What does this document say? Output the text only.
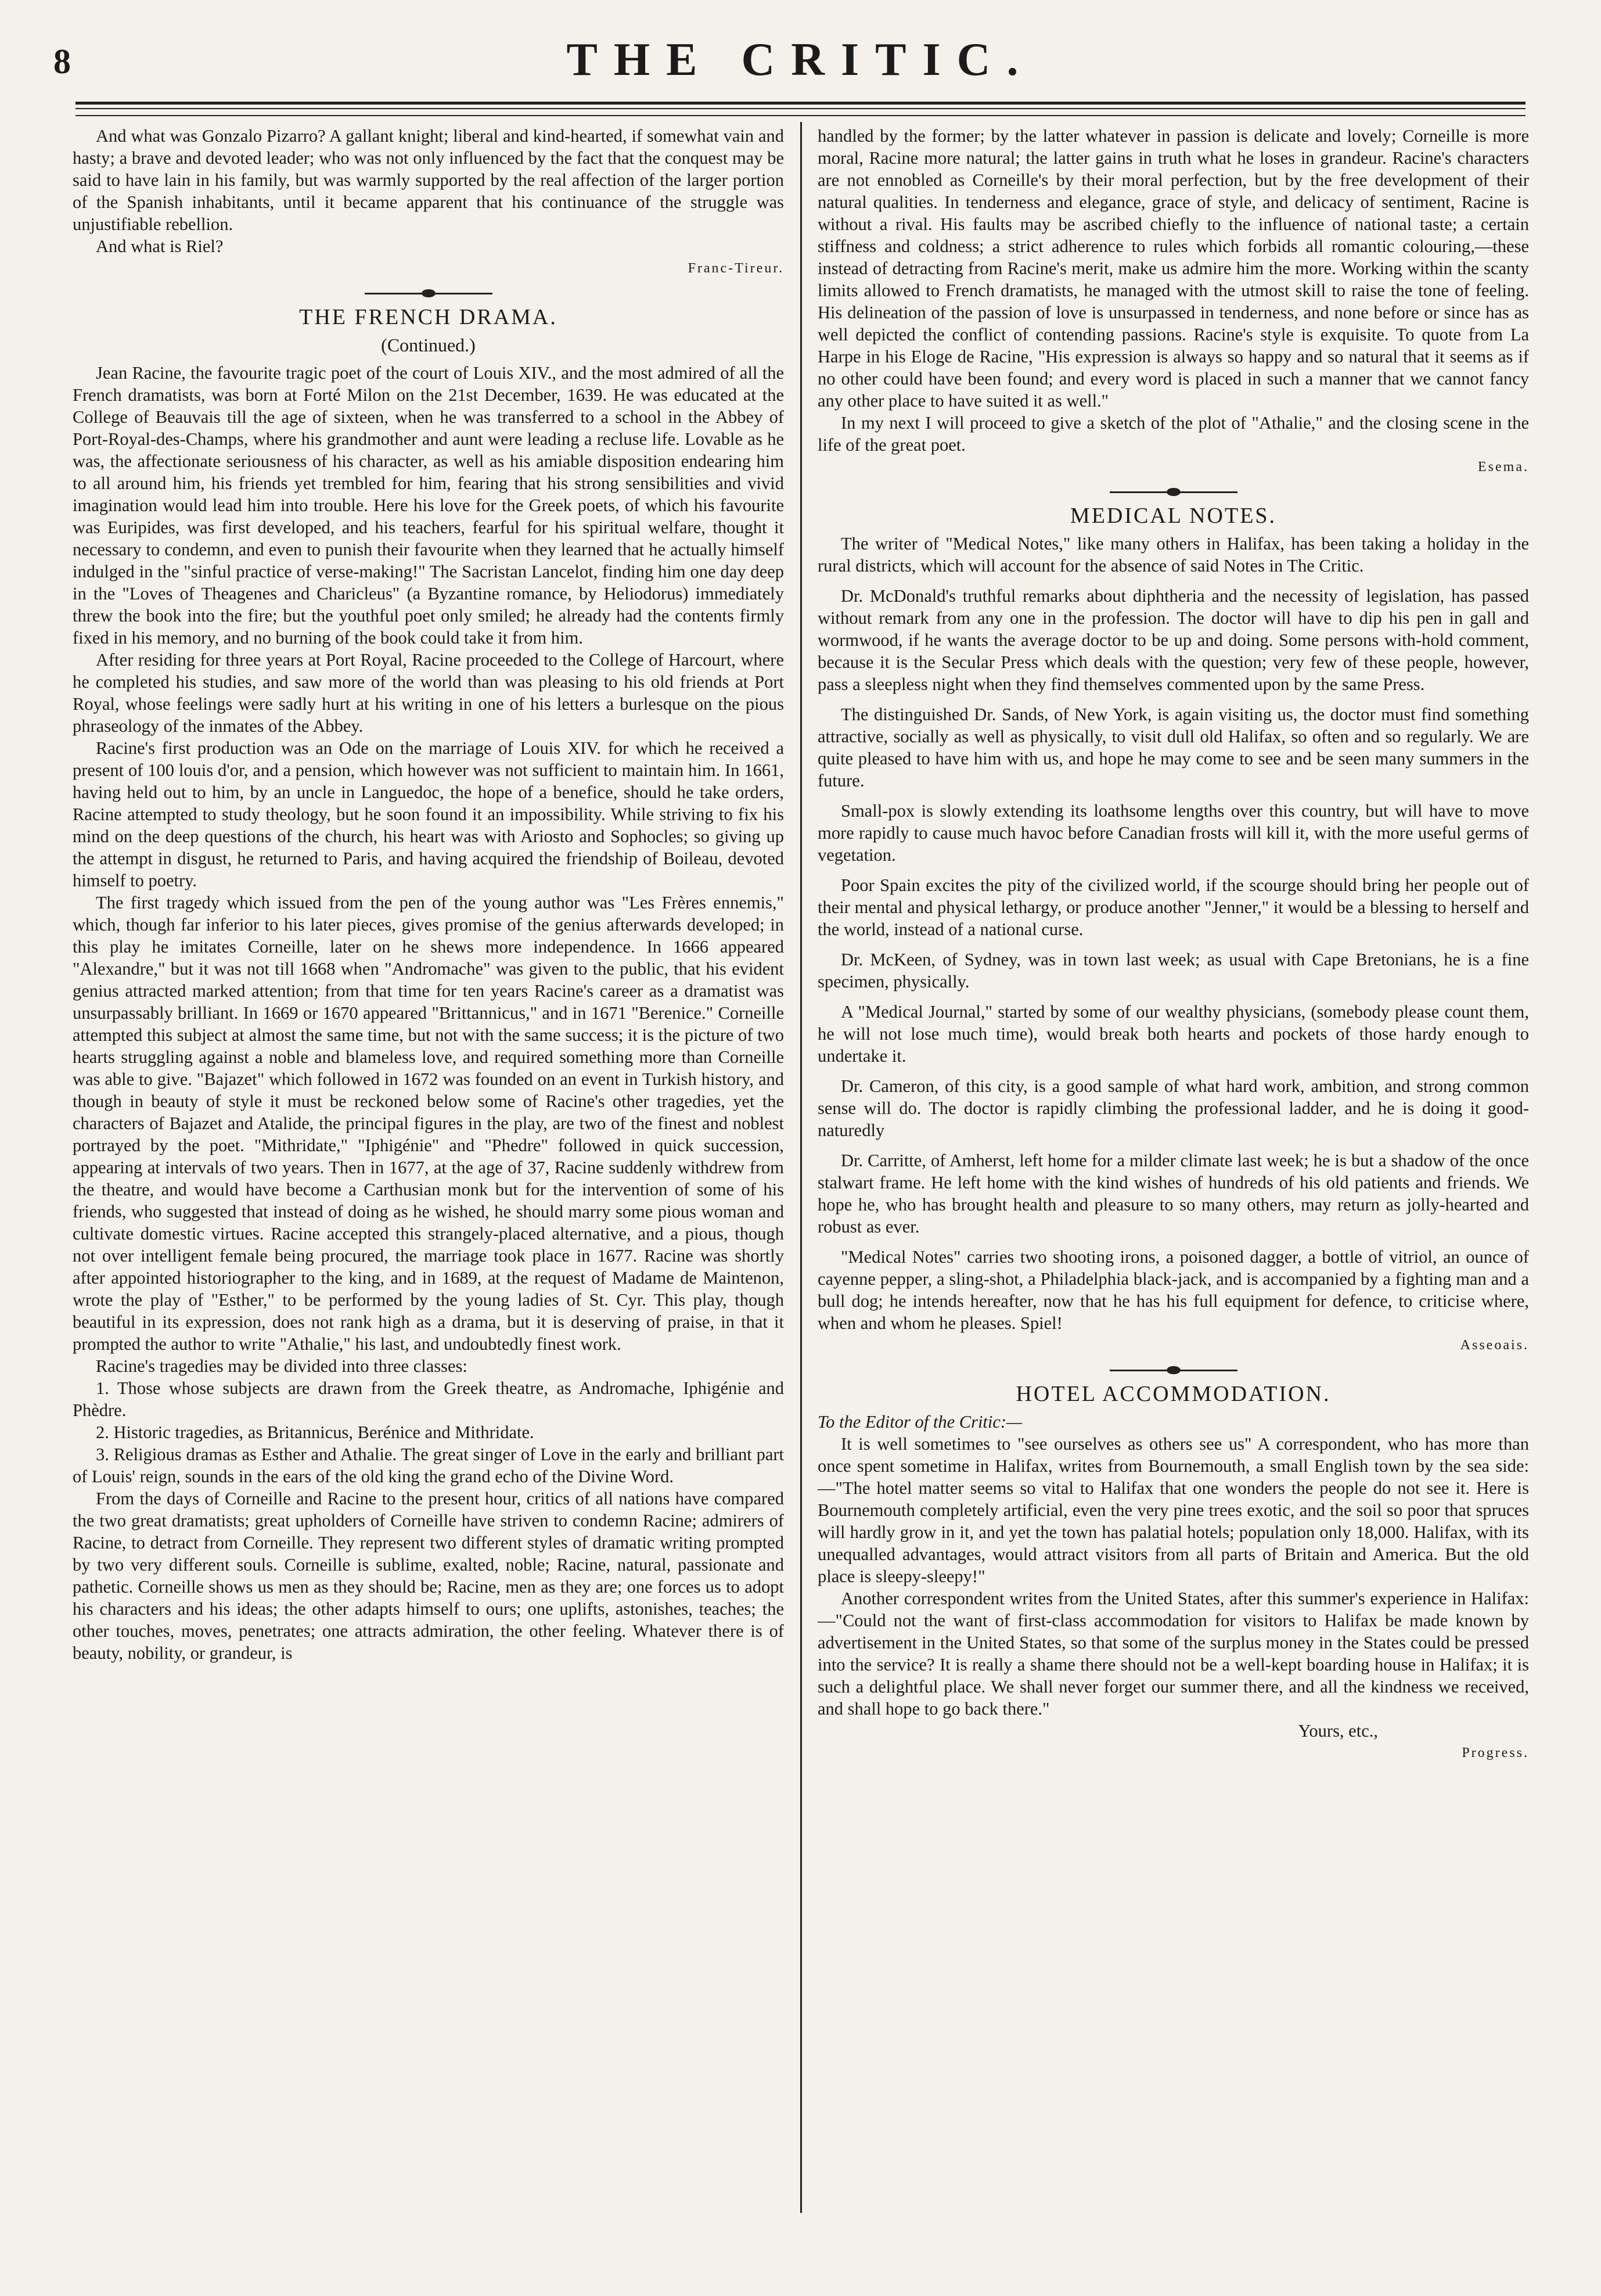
8	THE CRITIC.

And what was Gonzalo Pizarro? A gallant knight; liberal and kind-hearted, if somewhat vain and hasty; a brave and devoted leader; who was not only influenced by the fact that the conquest may be said to have lain in his family, but was warmly supported by the real affection of the larger portion of the Spanish inhabitants, until it became apparent that his continuance of the struggle was unjustifiable rebellion.

And what is Riel?

Franc-Tireur.

THE FRENCH DRAMA.
(Continued.)

Jean Racine, the favourite tragic poet of the court of Louis XIV., and the most admired of all the French dramatists, was born at Forté Milon on the 21st December, 1639. He was educated at the College of Beauvais till the age of sixteen, when he was transferred to a school in the Abbey of Port-Royal-des-Champs, where his grandmother and aunt were leading a recluse life. Lovable as he was, the affectionate seriousness of his character, as well as his amiable disposition endearing him to all around him, his friends yet trembled for him, fearing that his strong sensibilities and vivid imagination would lead him into trouble. Here his love for the Greek poets, of which his favourite was Euripides, was first developed, and his teachers, fearful for his spiritual welfare, thought it necessary to condemn, and even to punish their favourite when they learned that he actually himself indulged in the "sinful practice of verse-making!" The Sacristan Lancelot, finding him one day deep in the "Loves of Theagenes and Charicleus" (a Byzantine romance, by Heliodorus) immediately threw the book into the fire; but the youthful poet only smiled; he already had the contents firmly fixed in his memory, and no burning of the book could take it from him.

After residing for three years at Port Royal, Racine proceeded to the College of Harcourt, where he completed his studies, and saw more of the world than was pleasing to his old friends at Port Royal, whose feelings were sadly hurt at his writing in one of his letters a burlesque on the pious phraseology of the inmates of the Abbey.

Racine's first production was an Ode on the marriage of Louis XIV. for which he received a present of 100 louis d'or, and a pension, which however was not sufficient to maintain him. In 1661, having held out to him, by an uncle in Languedoc, the hope of a benefice, should he take orders, Racine attempted to study theology, but he soon found it an impossibility. While striving to fix his mind on the deep questions of the church, his heart was with Ariosto and Sophocles; so giving up the attempt in disgust, he returned to Paris, and having acquired the friendship of Boileau, devoted himself to poetry.

The first tragedy which issued from the pen of the young author was "Les Frères ennemis," which, though far inferior to his later pieces, gives promise of the genius afterwards developed; in this play he imitates Corneille, later on he shews more independence. In 1666 appeared "Alexandre," but it was not till 1668 when "Andromache" was given to the public, that his evident genius attracted marked attention; from that time for ten years Racine's career as a dramatist was unsurpassably brilliant. In 1669 or 1670 appeared "Brittannicus," and in 1671 "Berenice." Corneille attempted this subject at almost the same time, but not with the same success; it is the picture of two hearts struggling against a noble and blameless love, and required something more than Corneille was able to give. "Bajazet" which followed in 1672 was founded on an event in Turkish history, and though in beauty of style it must be reckoned below some of Racine's other tragedies, yet the characters of Bajazet and Atalide, the principal figures in the play, are two of the finest and noblest portrayed by the poet. "Mithridate," "Iphigénie" and "Phedre" followed in quick succession, appearing at intervals of two years. Then in 1677, at the age of 37, Racine suddenly withdrew from the theatre, and would have become a Carthusian monk but for the intervention of some of his friends, who suggested that instead of doing as he wished, he should marry some pious woman and cultivate domestic virtues. Racine accepted this strangely-placed alternative, and a pious, though not over intelligent female being procured, the marriage took place in 1677. Racine was shortly after appointed historiographer to the king, and in 1689, at the request of Madame de Maintenon, wrote the play of "Esther," to be performed by the young ladies of St. Cyr. This play, though beautiful in its expression, does not rank high as a drama, but it is deserving of praise, in that it prompted the author to write "Athalie," his last, and undoubtedly finest work.

Racine's tragedies may be divided into three classes:

1. Those whose subjects are drawn from the Greek theatre, as Andromache, Iphigénie and Phèdre.

2. Historic tragedies, as Britannicus, Berénice and Mithridate.

3. Religious dramas as Esther and Athalie. The great singer of Love in the early and brilliant part of Louis' reign, sounds in the ears of the old king the grand echo of the Divine Word.

From the days of Corneille and Racine to the present hour, critics of all nations have compared the two great dramatists; great upholders of Corneille have striven to condemn Racine; admirers of Racine, to detract from Corneille. They represent two different styles of dramatic writing prompted by two very different souls. Corneille is sublime, exalted, noble; Racine, natural, passionate and pathetic. Corneille shows us men as they should be; Racine, men as they are; one forces us to adopt his characters and his ideas; the other adapts himself to ours; one uplifts, astonishes, teaches; the other touches, moves, penetrates; one attracts admiration, the other feeling. Whatever there is of beauty, nobility, or grandeur, is

handled by the former; by the latter whatever in passion is delicate and lovely; Corneille is more moral, Racine more natural; the latter gains in truth what he loses in grandeur. Racine's characters are not ennobled as Corneille's by their moral perfection, but by the free development of their natural qualities. In tenderness and elegance, grace of style, and delicacy of sentiment, Racine is without a rival. His faults may be ascribed chiefly to the influence of national taste; a certain stiffness and coldness; a strict adherence to rules which forbids all romantic colouring,—these instead of detracting from Racine's merit, make us admire him the more. Working within the scanty limits allowed to French dramatists, he managed with the utmost skill to raise the tone of feeling. His delineation of the passion of love is unsurpassed in tenderness, and none before or since has as well depicted the conflict of contending passions. Racine's style is exquisite. To quote from La Harpe in his Eloge de Racine, "His expression is always so happy and so natural that it seems as if no other could have been found; and every word is placed in such a manner that we cannot fancy any other place to have suited it as well."

In my next I will proceed to give a sketch of the plot of "Athalie," and the closing scene in the life of the great poet.

Esema.

MEDICAL NOTES.

The writer of "Medical Notes," like many others in Halifax, has been taking a holiday in the rural districts, which will account for the absence of said Notes in The Critic.

Dr. McDonald's truthful remarks about diphtheria and the necessity of legislation, has passed without remark from any one in the profession. The doctor will have to dip his pen in gall and wormwood, if he wants the average doctor to be up and doing. Some persons with-hold comment, because it is the Secular Press which deals with the question; very few of these people, however, pass a sleepless night when they find themselves commented upon by the same Press.

The distinguished Dr. Sands, of New York, is again visiting us, the doctor must find something attractive, socially as well as physically, to visit dull old Halifax, so often and so regularly. We are quite pleased to have him with us, and hope he may come to see and be seen many summers in the future.

Small-pox is slowly extending its loathsome lengths over this country, but will have to move more rapidly to cause much havoc before Canadian frosts will kill it, with the more useful germs of vegetation.

Poor Spain excites the pity of the civilized world, if the scourge should bring her people out of their mental and physical lethargy, or produce another "Jenner," it would be a blessing to herself and the world, instead of a national curse.

Dr. McKeen, of Sydney, was in town last week; as usual with Cape Bretonians, he is a fine specimen, physically.

A "Medical Journal," started by some of our wealthy physicians, (somebody please count them, he will not lose much time), would break both hearts and pockets of those hardy enough to undertake it.

Dr. Cameron, of this city, is a good sample of what hard work, ambition, and strong common sense will do. The doctor is rapidly climbing the professional ladder, and he is doing it good-naturedly

Dr. Carritte, of Amherst, left home for a milder climate last week; he is but a shadow of the once stalwart frame. He left home with the kind wishes of hundreds of his old patients and friends. We hope he, who has brought health and pleasure to so many others, may return as jolly-hearted and robust as ever.

"Medical Notes" carries two shooting irons, a poisoned dagger, a bottle of vitriol, an ounce of cayenne pepper, a sling-shot, a Philadelphia black-jack, and is accompanied by a fighting man and a bull dog; he intends hereafter, now that he has his full equipment for defence, to criticise where, when and whom he pleases. Spiel!

Asseoais.

HOTEL ACCOMMODATION.

To the Editor of the Critic:—

It is well sometimes to "see ourselves as others see us" A correspondent, who has more than once spent sometime in Halifax, writes from Bournemouth, a small English town by the sea side:—"The hotel matter seems so vital to Halifax that one wonders the people do not see it. Here is Bournemouth completely artificial, even the very pine trees exotic, and the soil so poor that spruces will hardly grow in it, and yet the town has palatial hotels; population only 18,000. Halifax, with its unequalled advantages, would attract visitors from all parts of Britain and America. But the old place is sleepy-sleepy!"

Another correspondent writes from the United States, after this summer's experience in Halifax:—"Could not the want of first-class accommodation for visitors to Halifax be made known by advertisement in the United States, so that some of the surplus money in the States could be pressed into the service? It is really a shame there should not be a well-kept boarding house in Halifax; it is such a delightful place. We shall never forget our summer there, and all the kindness we received, and shall hope to go back there."

Yours, etc.,

Progress.
